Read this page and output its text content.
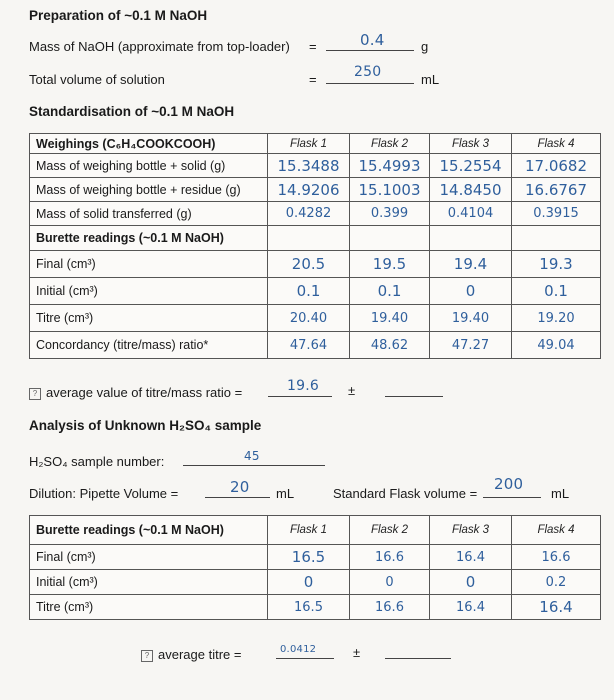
Preparation of ~0.1 M NaOH
Mass of NaOH (approximate from top-loader) =	0.4	g
Total volume of solution	=	250	mL
Standardisation of ~0.1 M NaOH
Weighings (C₆H₄COOKCOOH)	Flask 1	Flask 2	Flask 3	Flask 4
Mass of weighing bottle + solid (g)	15.3488	15.4993	15.2554	17.0682
Mass of weighing bottle + residue (g)	14.9206	15.1003	14.8450	16.6767
Mass of solid transferred (g)	0.4282	0.399	0.4104	0.3915
Burette readings (~0.1 M NaOH)				
Final (cm³)	20.5	19.5	19.4	19.3
Initial (cm³)	0.1	0.1	0	0.1
Titre (cm³)	20.40	19.40	19.40	19.20
Concordancy (titre/mass) ratio*	47.64	48.62	47.27	49.04
? average value of titre/mass ratio =	19.6 ±
Analysis of Unknown H₂SO₄ sample
H₂SO₄ sample number:	45
Dilution: Pipette Volume =	20 mL	Standard Flask volume =
200
mL
Burette readings (~0.1 M NaOH)	Flask 1	Flask 2	Flask 3	Flask 4
Final (cm³)	16.5	16.6	16.4	16.6
Initial (cm³)	0	0	0	0.2
Titre (cm³)	16.5	16.6	16.4	16.4
? average titre =	0.0412	±
